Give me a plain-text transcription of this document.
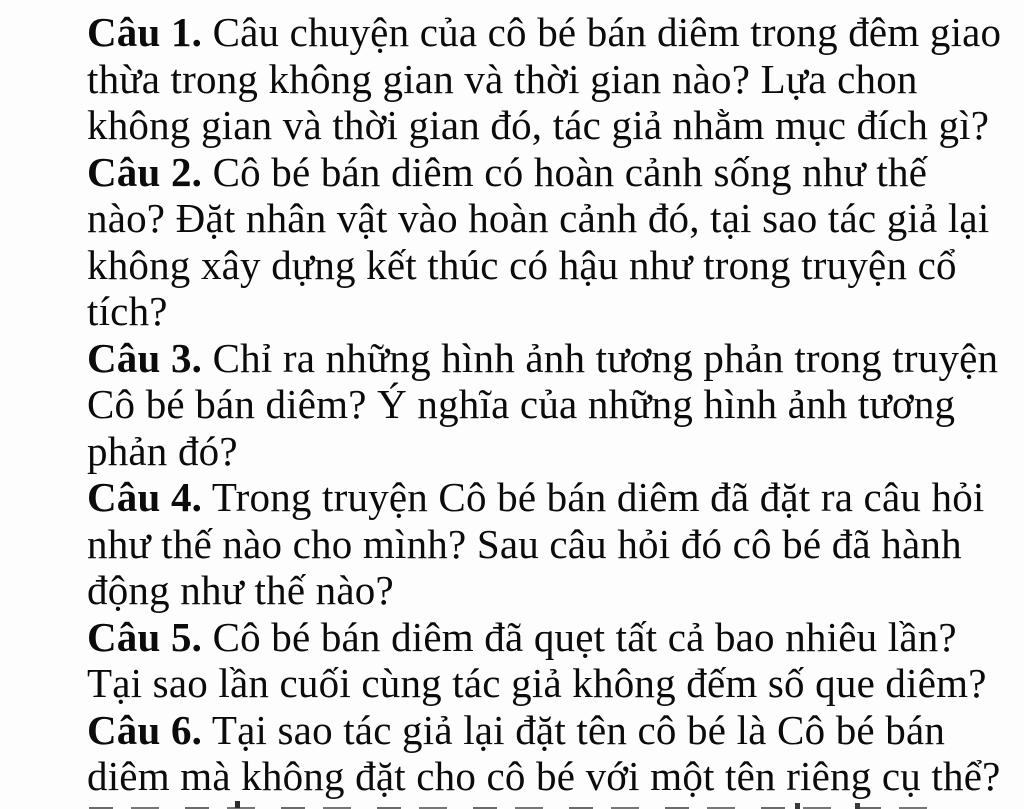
Câu 1. Câu chuyện của cô bé bán diêm trong đêm giao
thừa trong không gian và thời gian nào? Lựa chon
không gian và thời gian đó, tác giả nhằm mục đích gì?
Câu 2. Cô bé bán diêm có hoàn cảnh sống như thế
nào? Đặt nhân vật vào hoàn cảnh đó, tại sao tác giả lại
không xây dựng kết thúc có hậu như trong truyện cổ
tích?
Câu 3. Chỉ ra những hình ảnh tương phản trong truyện
Cô bé bán diêm? Ý nghĩa của những hình ảnh tương
phản đó?
Câu 4. Trong truyện Cô bé bán diêm đã đặt ra câu hỏi
như thế nào cho mình? Sau câu hỏi đó cô bé đã hành
động như thế nào?
Câu 5. Cô bé bán diêm đã quẹt tất cả bao nhiêu lần?
Tại sao lần cuối cùng tác giả không đếm số que diêm?
Câu 6. Tại sao tác giả lại đặt tên cô bé là Cô bé bán
diêm mà không đặt cho cô bé với một tên riêng cụ thể?
